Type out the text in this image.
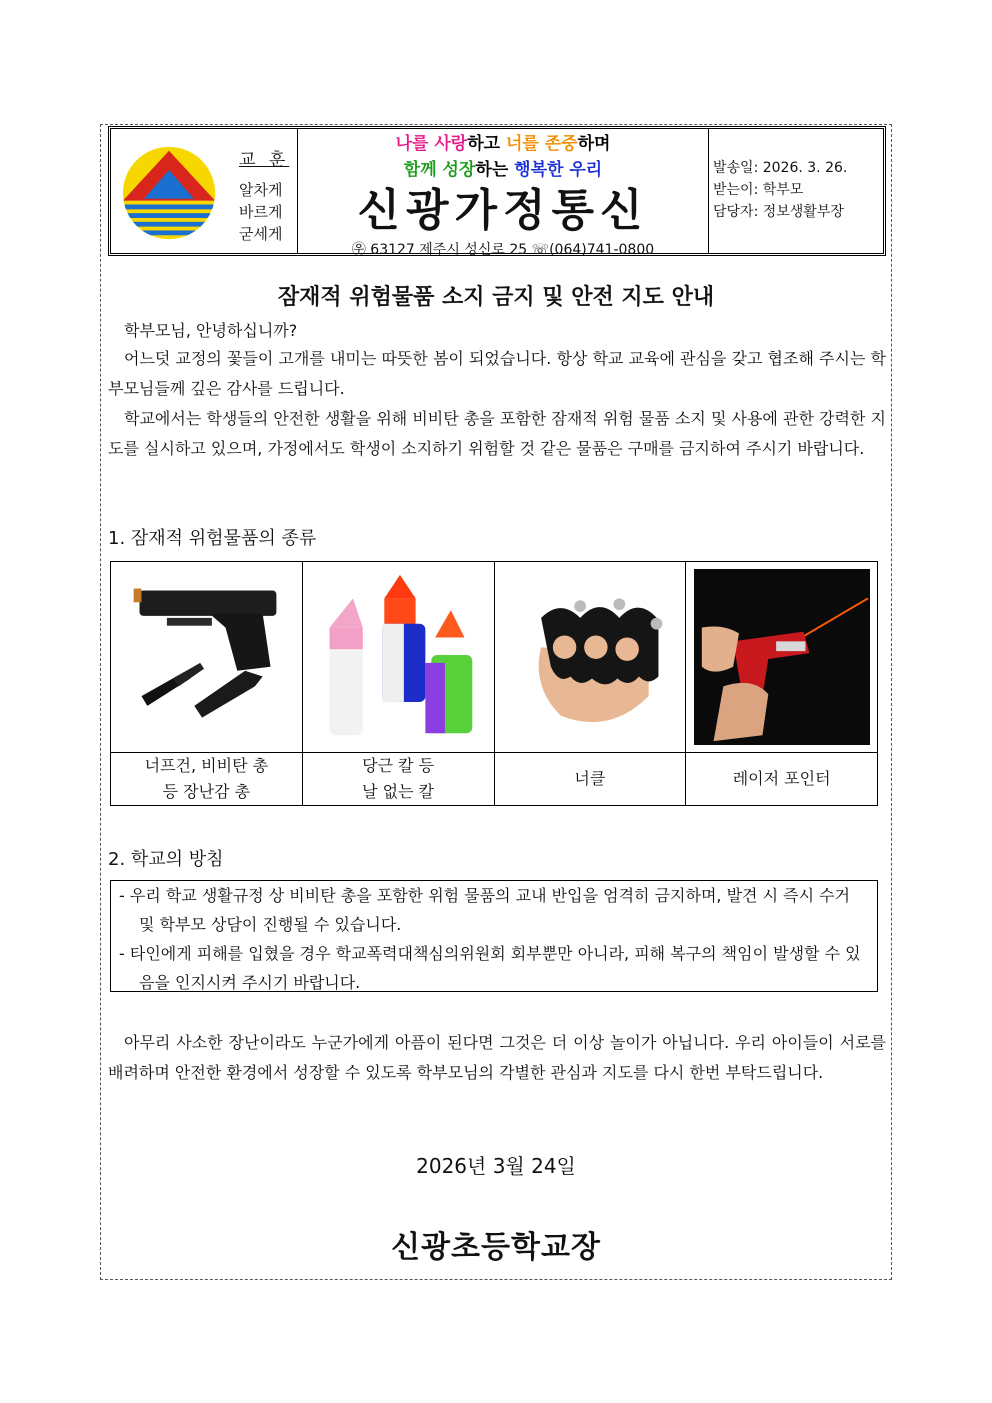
교 훈
알차게
바르게
굳세게
나를 사랑하고 너를 존중하며
함께 성장하는 행복한 우리
신광가정통신
㉾ 63127 제주시 성신로 25 ☏(064)741-0800
발송일: 2026. 3. 26.
받는이: 학부모
담당자: 정보생활부장
잠재적 위험물품 소지 금지 및 안전 지도 안내
학부모님, 안녕하십니까?
어느덧 교정의 꽃들이 고개를 내미는 따뜻한 봄이 되었습니다. 항상 학교 교육에 관심을 갖고 협조해 주시는 학부모님들께 깊은 감사를 드립니다.
학교에서는 학생들의 안전한 생활을 위해 비비탄 총을 포함한 잠재적 위험 물품 소지 및 사용에 관한 강력한 지도를 실시하고 있으며, 가정에서도 학생이 소지하기 위험할 것 같은 물품은 구매를 금지하여 주시기 바랍니다.
1. 잠재적 위험물품의 종류

너프건, 비비탄 총
등 장난감 총	당근 칼 등
날 없는 칼	너클	레이저 포인터
2. 학교의 방침
- 우리 학교 생활규정 상 비비탄 총을 포함한 위험 물품의 교내 반입을 엄격히 금지하며, 발견 시 즉시 수거 및 학부모 상담이 진행될 수 있습니다.
- 타인에게 피해를 입혔을 경우 학교폭력대책심의위원회 회부뿐만 아니라, 피해 복구의 책임이 발생할 수 있음을 인지시켜 주시기 바랍니다.
아무리 사소한 장난이라도 누군가에게 아픔이 된다면 그것은 더 이상 놀이가 아닙니다. 우리 아이들이 서로를 배려하며 안전한 환경에서 성장할 수 있도록 학부모님의 각별한 관심과 지도를 다시 한번 부탁드립니다.
2026년 3월 24일
신광초등학교장
